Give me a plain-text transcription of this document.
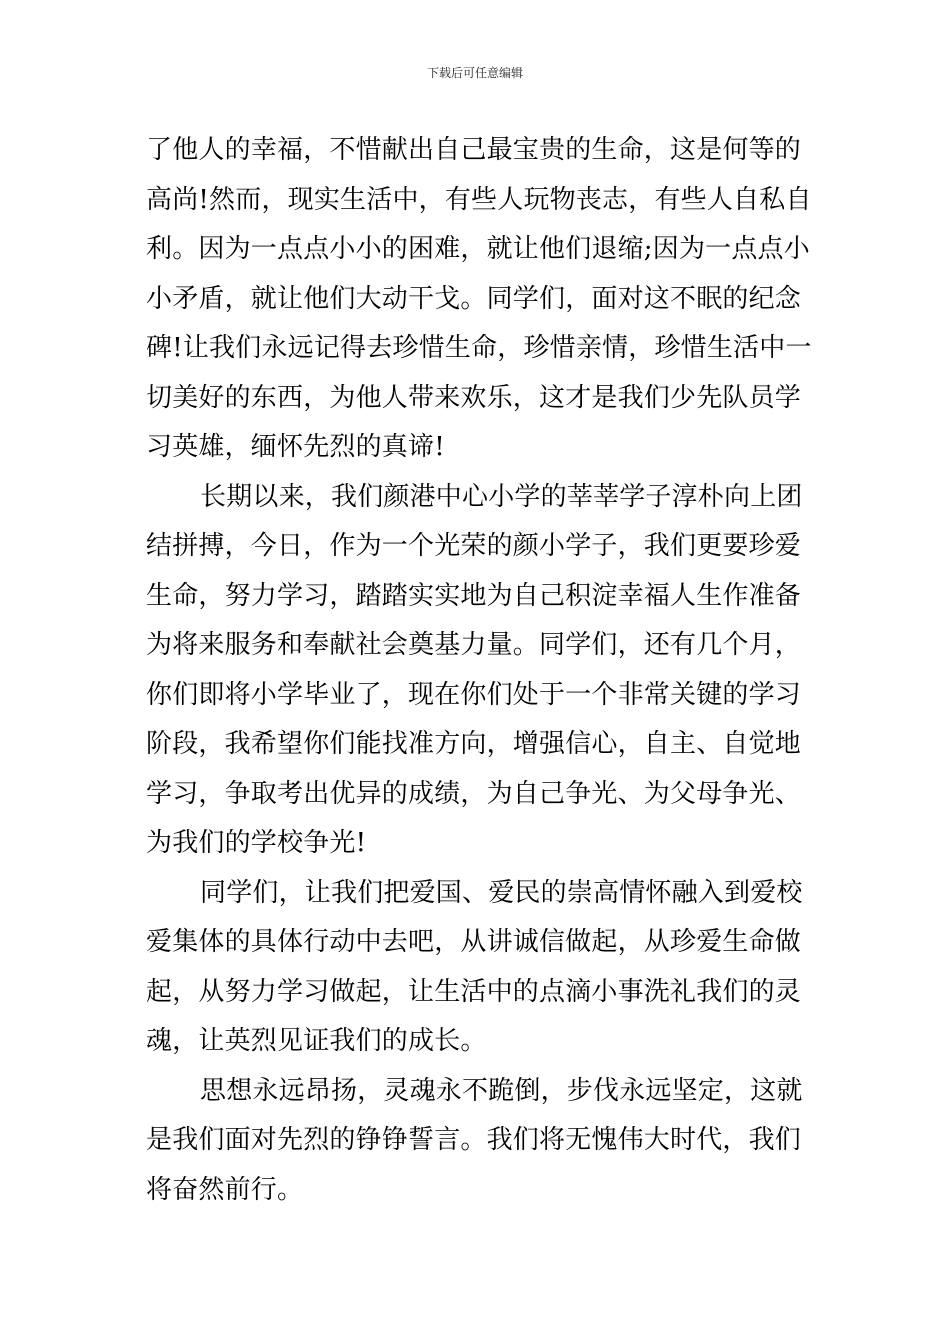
下载后可任意编辑
了他人的幸福，不惜献出自己最宝贵的生命，这是何等的
高尚!然而，现实生活中，有些人玩物丧志，有些人自私自
利。因为一点点小小的困难，就让他们退缩;因为一点点小
小矛盾，就让他们大动干戈。同学们，面对这不眠的纪念
碑!让我们永远记得去珍惜生命，珍惜亲情，珍惜生活中一
切美好的东西，为他人带来欢乐，这才是我们少先队员学
习英雄，缅怀先烈的真谛!
长期以来，我们颜港中心小学的莘莘学子淳朴向上团
结拼搏，今日，作为一个光荣的颜小学子，我们更要珍爱
生命，努力学习，踏踏实实地为自己积淀幸福人生作准备
为将来服务和奉献社会奠基力量。同学们，还有几个月，
你们即将小学毕业了，现在你们处于一个非常关键的学习
阶段，我希望你们能找准方向，增强信心，自主、自觉地
学习，争取考出优异的成绩，为自己争光、为父母争光、
为我们的学校争光!
同学们，让我们把爱国、爱民的崇高情怀融入到爱校
爱集体的具体行动中去吧，从讲诚信做起，从珍爱生命做
起，从努力学习做起，让生活中的点滴小事洗礼我们的灵
魂，让英烈见证我们的成长。
思想永远昂扬，灵魂永不跪倒，步伐永远坚定，这就
是我们面对先烈的铮铮誓言。我们将无愧伟大时代，我们
将奋然前行。
